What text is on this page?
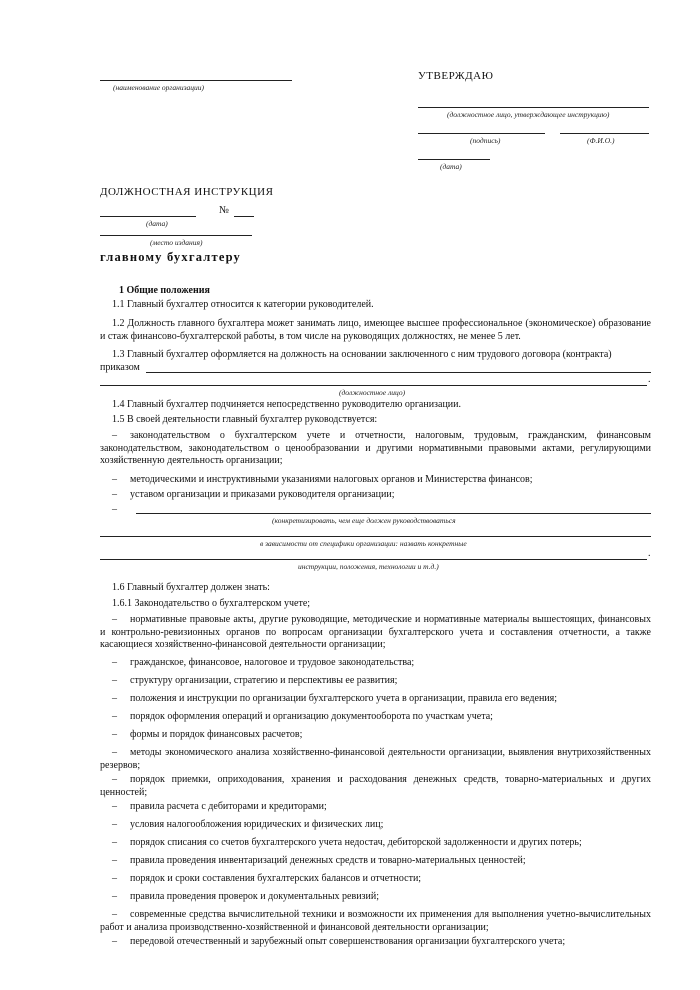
(наименование организации)
УТВЕРЖДАЮ
(должностное лицо, утверждающее инструкцию)
(подпись)	(Ф.И.О.)
(дата)
ДОЛЖНОСТНАЯ ИНСТРУКЦИЯ
№
(дата)
(место издания)
главному бухгалтеру
1 Общие положения

1.1 Главный бухгалтер относится к категории руководителей.

1.2 Должность главного бухгалтера может занимать лицо, имеющее высшее профессиональное (экономическое) образование и стаж финансово-бухгалтерской работы, в том числе на руководящих должностях, не менее 5 лет.

1.3 Главный бухгалтер оформляется на должность на основании заключенного с ним трудового договора (контракта)

приказом
.
(должностное лицо)

1.4 Главный бухгалтер подчиняется непосредственно руководителю организации.

1.5 В своей деятельности главный бухгалтер руководствуется:

– законодательством о бухгалтерском учете и отчетности, налоговым, трудовым, гражданским, финансовым законодательством, законодательством о ценообразовании и другими нормативными правовыми актами, регулирующими хозяйственную деятельность организации;

– методическими и инструктивными указаниями налоговых органов и Министерства финансов;

– уставом организации и приказами руководителя организации;

–
(конкретизировать, чем еще должен руководствоваться
в зависимости от специфики организации: назвать конкретные
.
инструкции, положения, технологии и т.д.)

1.6 Главный бухгалтер должен знать:

1.6.1 Законодательство о бухгалтерском учете;

– нормативные правовые акты, другие руководящие, методические и нормативные материалы вышестоящих, финансовых и контрольно-ревизионных органов по вопросам организации бухгалтерского учета и составления отчетности, а также касающиеся хозяйственно-финансовой деятельности организации;

– гражданское, финансовое, налоговое и трудовое законодательства;

– структуру организации, стратегию и перспективы ее развития;

– положения и инструкции по организации бухгалтерского учета в организации, правила его ведения;

– порядок оформления операций и организацию документооборота по участкам учета;

– формы и порядок финансовых расчетов;

– методы экономического анализа хозяйственно-финансовой деятельности организации, выявления внутрихозяйственных резервов;

– порядок приемки, оприходования, хранения и расходования денежных средств, товарно-материальных и других ценностей;

– правила расчета с дебиторами и кредиторами;

– условия налогообложения юридических и физических лиц;

– порядок списания со счетов бухгалтерского учета недостач, дебиторской задолженности и других потерь;

– правила проведения инвентаризаций денежных средств и товарно-материальных ценностей;

– порядок и сроки составления бухгалтерских балансов и отчетности;

– правила проведения проверок и документальных ревизий;

– современные средства вычислительной техники и возможности их применения для выполнения учетно-вычислительных работ и анализа производственно-хозяйственной и финансовой деятельности организации;

– передовой отечественный и зарубежный опыт совершенствования организации бухгалтерского учета;
